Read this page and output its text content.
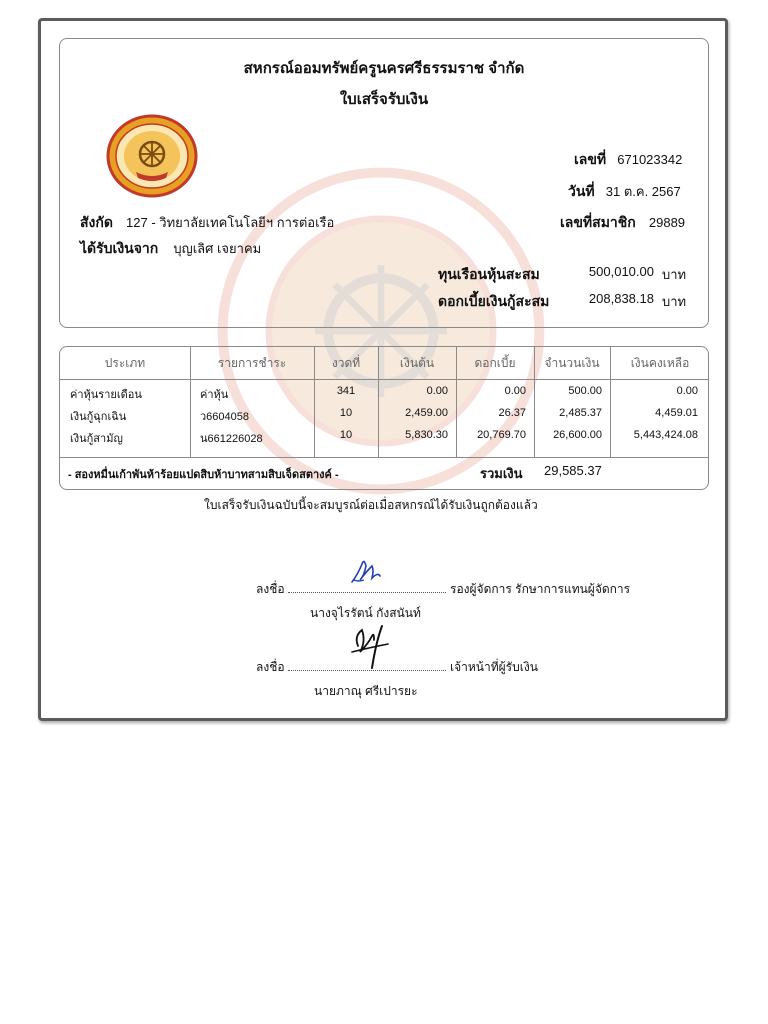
สหกรณ์ออมทรัพย์ครูนครศรีธรรมราช จำกัด
ใบเสร็จรับเงิน
เลขที่ 671023342
วันที่ 31 ต.ค. 2567
สังกัด 127 - วิทยาลัยเทคโนโลยีฯ การต่อเรือ	เลขที่สมาชิก 29889
ได้รับเงินจาก บุญเลิศ เจยาคม
ทุนเรือนหุ้นสะสม	500,010.00 บาท
ดอกเบี้ยเงินกู้สะสม	208,838.18 บาท
ประเภท	รายการชำระ	งวดที่	เงินต้น	ดอกเบี้ย	จำนวนเงิน	เงินคงเหลือ
ค่าหุ้นรายเดือน	ค่าหุ้น	341	0.00	0.00	500.00	0.00
เงินกู้ฉุกเฉิน	ว6604058	10	2,459.00	26.37	2,485.37	4,459.01
เงินกู้สามัญ	น661226028	10	5,830.30	20,769.70	26,600.00	5,443,424.08
- สองหมื่นเก้าพันห้าร้อยแปดสิบห้าบาทสามสิบเจ็ดสตางค์ -	รวมเงิน 29,585.37
ใบเสร็จรับเงินฉบับนี้จะสมบูรณ์ต่อเมื่อสหกรณ์ได้รับเงินถูกต้องแล้ว
ลงชื่อ	รองผู้จัดการ รักษาการแทนผู้จัดการ
นางจุไรรัตน์ กังสนันท์
ลงชื่อ	เจ้าหน้าที่ผู้รับเงิน
นายภาณุ ศรีเปารยะ
